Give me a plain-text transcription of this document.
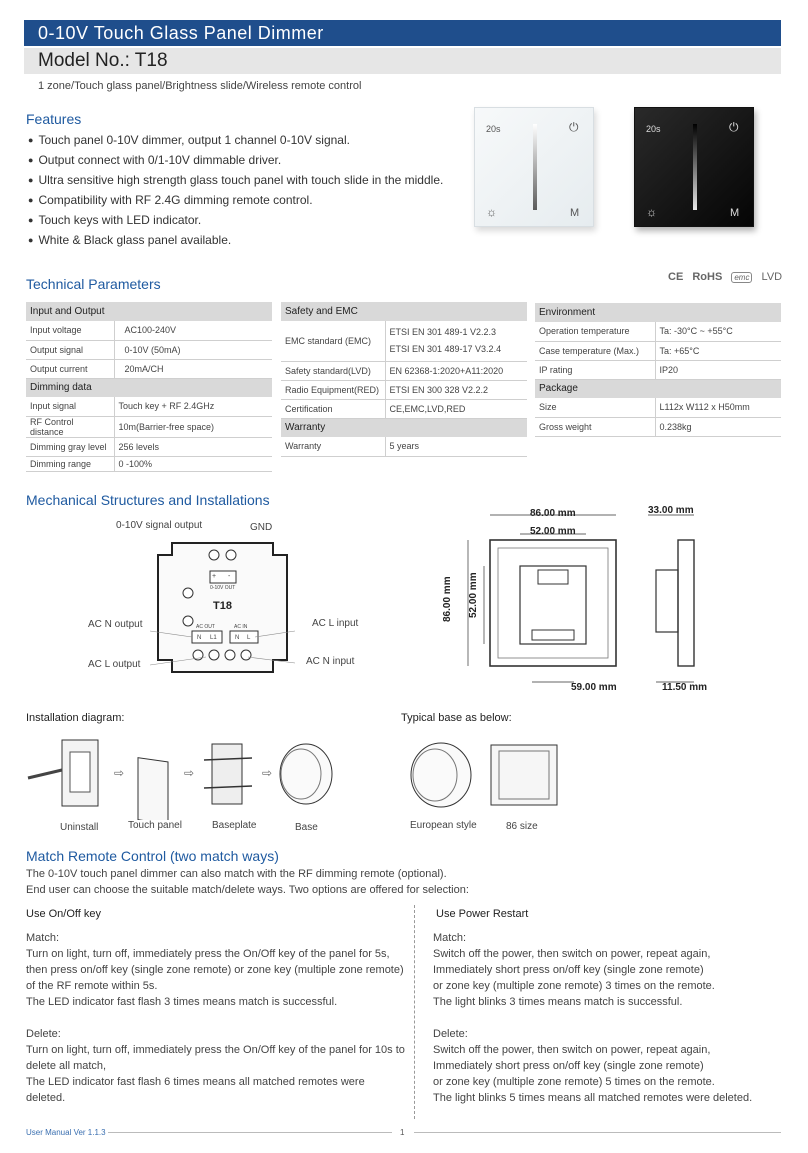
0-10V Touch Glass Panel Dimmer
Model No.: T18
1 zone/Touch glass panel/Brightness slide/Wireless remote control
Features
● Touch panel 0-10V dimmer, output 1 channel 0-10V signal.
● Output connect with 0/1-10V dimmable driver.
● Ultra sensitive high strength glass touch panel with touch slide in the middle.
● Compatibility with RF 2.4G dimming remote control.
● Touch keys with LED indicator.
● White & Black glass panel available.
20s	⏻
☼	M
20s	⏻
☼	M
Technical Parameters	CE RoHS emc LVD
Input and Output	
Input voltage	AC100-240V
Output signal	0-10V (50mA)
Output current	20mA/CH
Dimming data	
Input signal	Touch key + RF 2.4GHz
RF Control distance	10m(Barrier-free space)
Dimming gray level	256 levels
Dimming range	0 -100%
Safety and EMC	
EMC standard (EMC)	ETSI EN 301 489-1 V2.2.3
ETSI EN 301 489-17 V3.2.4

Safety standard(LVD)	EN 62368-1:2020+A11:2020
Radio Equipment(RED)	ETSI EN 300 328 V2.2.2
Certification	CE,EMC,LVD,RED
Warranty	
Warranty	5 years
Environment	
Operation temperature	Ta: -30°C ~ +55°C
Case temperature (Max.)	Ta: +65°C
IP rating	IP20
Package	
Size	L112x W112 x H50mm
Gross weight	0.238kg
Mechanical Structures and Installations
+ -
0-10V OUT
T18
AC OUT	AC IN
N L1	N L
0-10V signal output	GND
AC N output
AC L output
AC L input
AC N input
86.00 mm
52.00 mm
86.00 mm 52.00 mm
59.00 mm
33.00 mm
11.50 mm
Installation diagram:
⇨	⇨	⇨
Uninstall	Touch panel	Baseplate	Base
Typical base as below:
European style	86 size
Match Remote Control (two match ways)
The 0-10V touch panel dimmer can also match with the RF dimming remote (optional).
End user can choose the suitable match/delete ways. Two options are offered for selection:
Use On/Off key
Match:
Turn on light, turn off, immediately press the On/Off key of the panel for 5s,
then press on/off key (single zone remote) or zone key (multiple zone remote)
of the RF remote within 5s.
The LED indicator fast flash 3 times means match is successful.
Delete:
Turn on light, turn off, immediately press the On/Off key of the panel for 10s to
delete all match,
The LED indicator fast flash 6 times means all matched remotes were deleted.
Use Power Restart
Match:
Switch off the power, then switch on power, repeat again,
Immediately short press on/off key (single zone remote)
or zone key (multiple zone remote) 3 times on the remote.
The light blinks 3 times means match is successful.
Delete:
Switch off the power, then switch on power, repeat again,
Immediately short press on/off key (single zone remote)
or zone key (multiple zone remote) 5 times on the remote.
The light blinks 5 times means all matched remotes were deleted.
User Manual Ver 1.1.3	1
